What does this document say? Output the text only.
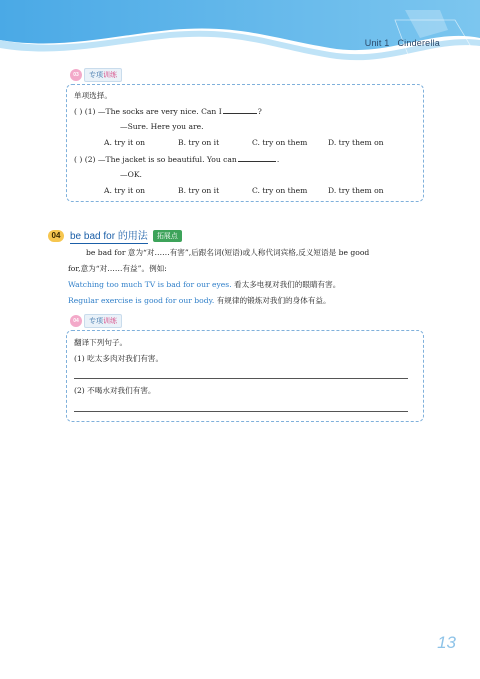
Unit 1 Cinderella
03	专项训练
单项选择。
( ) (1) —The socks are very nice. Can I	?
—Sure. Here you are.
A. try it on	B. try on it	C. try on them	D. try them on
( ) (2) —The jacket is so beautiful. You can	.
—OK.
A. try it on	B. try on it	C. try on them	D. try them on
04 be bad for 的用法	拓展点
be bad for 意为“对……有害”,后跟名词(短语)或人称代词宾格,反义短语是 be good
for,意为“对……有益”。例如:
Watching too much TV is bad for our eyes. 看太多电视对我们的眼睛有害。
Regular exercise is good for our body. 有规律的锻炼对我们的身体有益。
04	专项训练
翻译下列句子。
(1) 吃太多肉对我们有害。
(2) 不喝水对我们有害。
13
